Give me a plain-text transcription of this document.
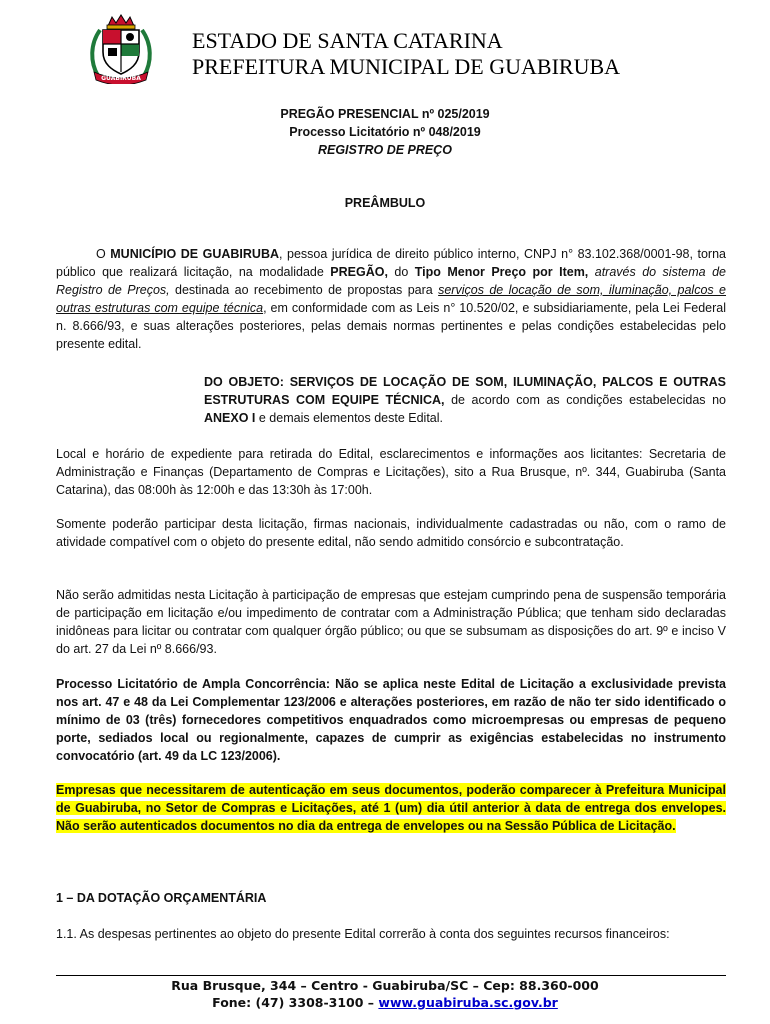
GUABIRUBA
ESTADO DE SANTA CATARINA
PREFEITURA MUNICIPAL DE GUABIRUBA
PREGÃO PRESENCIAL nº 025/2019
Processo Licitatório nº 048/2019
REGISTRO DE PREÇO
PREÂMBULO
O MUNICÍPIO DE GUABIRUBA, pessoa jurídica de direito público interno, CNPJ n° 83.102.368/0001-98, torna público que realizará licitação, na modalidade PREGÃO, do Tipo Menor Preço por Item, através do sistema de Registro de Preços, destinada ao recebimento de propostas para serviços de locação de som, iluminação, palcos e outras estruturas com equipe técnica, em conformidade com as Leis n° 10.520/02, e subsidiariamente, pela Lei Federal n. 8.666/93, e suas alterações posteriores, pelas demais normas pertinentes e pelas condições estabelecidas pelo presente edital.
DO OBJETO: SERVIÇOS DE LOCAÇÃO DE SOM, ILUMINAÇÃO, PALCOS E OUTRAS ESTRUTURAS COM EQUIPE TÉCNICA, de acordo com as condições estabelecidas no ANEXO I e demais elementos deste Edital.
Local e horário de expediente para retirada do Edital, esclarecimentos e informações aos licitantes: Secretaria de Administração e Finanças (Departamento de Compras e Licitações), sito a Rua Brusque, nº. 344, Guabiruba (Santa Catarina), das 08:00h às 12:00h e das 13:30h às 17:00h.
Somente poderão participar desta licitação, firmas nacionais, individualmente cadastradas ou não, com o ramo de atividade compatível com o objeto do presente edital, não sendo admitido consórcio e subcontratação.
Não serão admitidas nesta Licitação à participação de empresas que estejam cumprindo pena de suspensão temporária de participação em licitação e/ou impedimento de contratar com a Administração Pública; que tenham sido declaradas inidôneas para licitar ou contratar com qualquer órgão público; ou que se subsumam as disposições do art. 9º e inciso V do art. 27 da Lei nº 8.666/93.
Processo Licitatório de Ampla Concorrência: Não se aplica neste Edital de Licitação a exclusividade prevista nos art. 47 e 48 da Lei Complementar 123/2006 e alterações posteriores, em razão de não ter sido identificado o mínimo de 03 (três) fornecedores competitivos enquadrados como microempresas ou empresas de pequeno porte, sediados local ou regionalmente, capazes de cumprir as exigências estabelecidas no instrumento convocatório (art. 49 da LC 123/2006).
Empresas que necessitarem de autenticação em seus documentos, poderão comparecer à Prefeitura Municipal de Guabiruba, no Setor de Compras e Licitações, até 1 (um) dia útil anterior à data de entrega dos envelopes. Não serão autenticados documentos no dia da entrega de envelopes ou na Sessão Pública de Licitação.
1 – DA DOTAÇÃO ORÇAMENTÁRIA
1.1. As despesas pertinentes ao objeto do presente Edital correrão à conta dos seguintes recursos financeiros:
Rua Brusque, 344 – Centro - Guabiruba/SC – Cep: 88.360-000
Fone: (47) 3308-3100 – www.guabiruba.sc.gov.br
